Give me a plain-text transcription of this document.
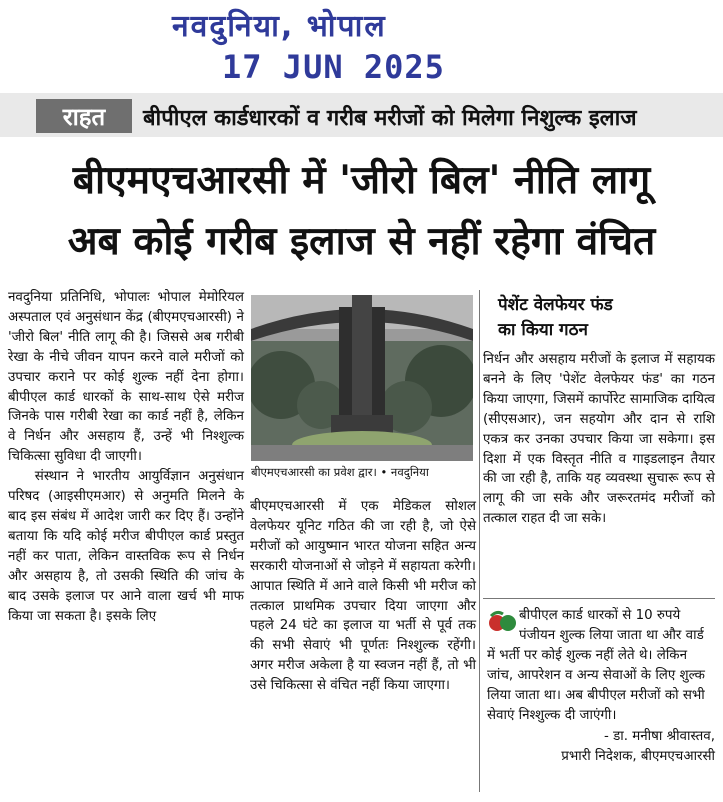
नवदुनिया, भोपाल
17 JUN 2025
राहत	बीपीएल कार्डधारकों व गरीब मरीजों को मिलेगा निशुल्क इलाज
बीएमएचआरसी में 'जीरो बिल' नीति लागू
अब कोई गरीब इलाज से नहीं रहेगा वंचित

नवदुनिया प्रतिनिधि, भोपालः भोपाल मेमोरियल अस्पताल एवं अनुसंधान केंद्र (बीएमएचआरसी) ने 'जीरो बिल' नीति लागू की है। जिससे अब गरीबी रेखा के नीचे जीवन यापन करने वाले मरीजों को उपचार कराने पर कोई शुल्क नहीं देना होगा। बीपीएल कार्ड धारकों के साथ-साथ ऐसे मरीज जिनके पास गरीबी रेखा का कार्ड नहीं है, लेकिन वे निर्धन और असहाय हैं, उन्हें भी निश्शुल्क चिकित्सा सुविधा दी जाएगी।

संस्थान ने भारतीय आयुर्विज्ञान अनुसंधान परिषद (आइसीएमआर) से अनुमति मिलने के बाद इस संबंध में आदेश जारी कर दिए हैं। उन्होंने बताया कि यदि कोई मरीज बीपीएल कार्ड प्रस्तुत नहीं कर पाता, लेकिन वास्तविक रूप से निर्धन और असहाय है, तो उसकी स्थिति की जांच के बाद उसके इलाज पर आने वाला खर्च भी माफ किया जा सकता है। इसके लिए

बीएमएचआरसी का प्रवेश द्वार। • नवदुनिया

बीएमएचआरसी में एक मेडिकल सोशल वेलफेयर यूनिट गठित की जा रही है, जो ऐसे मरीजों को आयुष्मान भारत योजना सहित अन्य सरकारी योजनाओं से जोड़ने में सहायता करेगी। आपात स्थिति में आने वाले किसी भी मरीज को तत्काल प्राथमिक उपचार दिया जाएगा और पहले 24 घंटे का इलाज या भर्ती से पूर्व तक की सभी सेवाएं भी पूर्णतः निश्शुल्क रहेंगी। अगर मरीज अकेला है या स्वजन नहीं हैं, तो भी उसे चिकित्सा से वंचित नहीं किया जाएगा।

पेशेंट वेलफेयर फंड
का किया गठन

निर्धन और असहाय मरीजों के इलाज में सहायक बनने के लिए 'पेशेंट वेलफेयर फंड' का गठन किया जाएगा, जिसमें कार्पोरेट सामाजिक दायित्व (सीएसआर), जन सहयोग और दान से राशि एकत्र कर उनका उपचार किया जा सकेगा। इस दिशा में एक विस्तृत नीति व गाइडलाइन तैयार की जा रही है, ताकि यह व्यवस्था सुचारू रूप से लागू की जा सके और जरूरतमंद मरीजों को तत्काल राहत दी जा सके।

बीपीएल कार्ड धारकों से 10 रुपये पंजीयन शुल्क लिया जाता था और वार्ड में भर्ती पर कोई शुल्क नहीं लेते थे। लेकिन जांच, आपरेशन व अन्य सेवाओं के लिए शुल्क लिया जाता था। अब बीपीएल मरीजों को सभी सेवाएं निश्शुल्क दी जाएंगी।
- डा. मनीषा श्रीवास्तव,
प्रभारी निदेशक, बीएमएचआरसी
